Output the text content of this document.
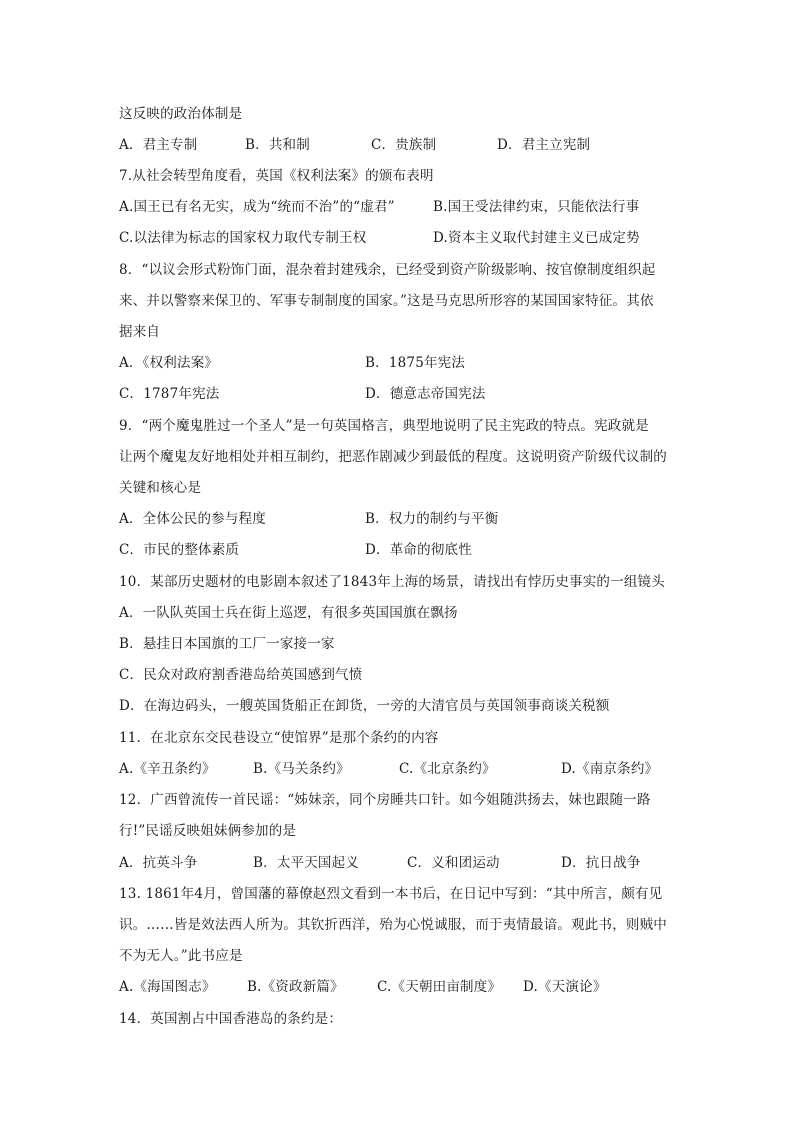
这反映的政治体制是
A．君主专制	B．共和制	C．贵族制	D．君主立宪制
7.从社会转型角度看，英国《权利法案》的颁布表明
A.国王已有名无实，成为“统而不治”的“虚君”	B.国王受法律约束，只能依法行事
C.以法律为标志的国家权力取代专制王权	D.资本主义取代封建主义已成定势
8．“以议会形式粉饰门面，混杂着封建残余，已经受到资产阶级影响、按官僚制度组织起
来、并以警察来保卫的、军事专制制度的国家。”这是马克思所形容的某国国家特征。其依
据来自
A．《权利法案》	B．1875年宪法
C．1787年宪法	D．德意志帝国宪法
9．“两个魔鬼胜过一个圣人”是一句英国格言，典型地说明了民主宪政的特点。宪政就是
让两个魔鬼友好地相处并相互制约，把恶作剧减少到最低的程度。这说明资产阶级代议制的
关键和核心是
A．全体公民的参与程度	B．权力的制约与平衡
C．市民的整体素质	D．革命的彻底性
10．某部历史题材的电影剧本叙述了1843年上海的场景，请找出有悖历史事实的一组镜头
A．一队队英国士兵在街上巡逻，有很多英国国旗在飘扬
B．悬挂日本国旗的工厂一家接一家
C．民众对政府割香港岛给英国感到气愤
D．在海边码头，一艘英国货船正在卸货，一旁的大清官员与英国领事商谈关税额
11．在北京东交民巷设立“使馆界”是那个条约的内容
A.《辛丑条约》	B.《马关条约》	C.《北京条约》	D.《南京条约》
12．广西曾流传一首民谣：“姊妹亲，同个房睡共口针。如今姐随洪扬去，妹也跟随一路
行!”民谣反映姐妹俩参加的是
A．抗英斗争	B．太平天国起义	C．义和团运动	D．抗日战争
13. 1861年4月，曾国藩的幕僚赵烈文看到一本书后，在日记中写到：“其中所言，颇有见
识。……皆是效法西人所为。其钦折西洋，殆为心悦诚服，而于夷情最谙。观此书，则贼中
不为无人。”此书应是
A.《海国图志》 B.《资政新篇》 C.《天朝田亩制度》 D.《天演论》
14．英国割占中国香港岛的条约是：
